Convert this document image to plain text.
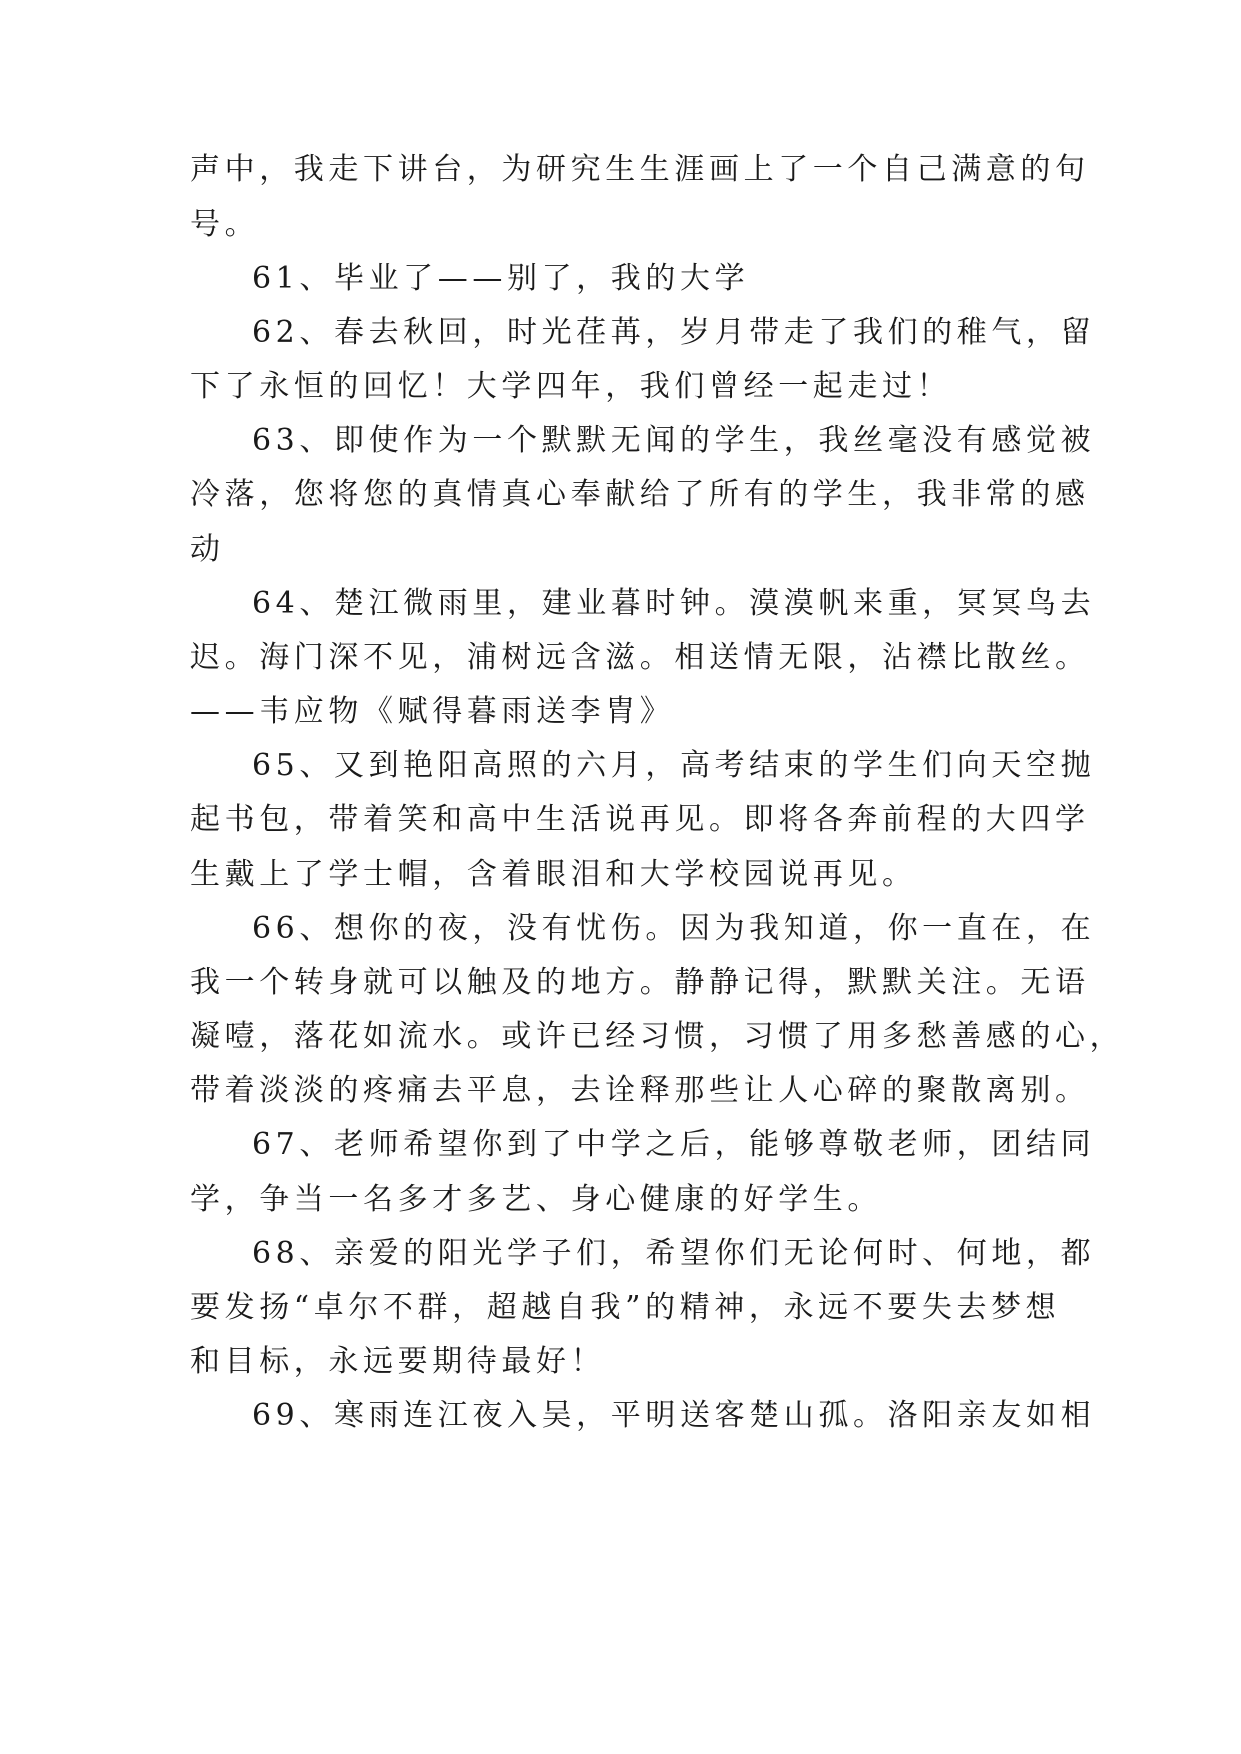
声中，我走下讲台，为研究生生涯画上了一个自己满意的句

号。

61、毕业了——别了，我的大学

62、春去秋回，时光荏苒，岁月带走了我们的稚气，留

下了永恒的回忆！大学四年，我们曾经一起走过！

63、即使作为一个默默无闻的学生，我丝毫没有感觉被

冷落，您将您的真情真心奉献给了所有的学生，我非常的感

动

64、楚江微雨里，建业暮时钟。漠漠帆来重，冥冥鸟去

迟。海门深不见，浦树远含滋。相送情无限，沾襟比散丝。

——韦应物《赋得暮雨送李胄》

65、又到艳阳高照的六月，高考结束的学生们向天空抛

起书包，带着笑和高中生活说再见。即将各奔前程的大四学

生戴上了学士帽，含着眼泪和大学校园说再见。

66、想你的夜，没有忧伤。因为我知道，你一直在，在

我一个转身就可以触及的地方。静静记得，默默关注。无语

凝噎，落花如流水。或许已经习惯，习惯了用多愁善感的心，

带着淡淡的疼痛去平息，去诠释那些让人心碎的聚散离别。

67、老师希望你到了中学之后，能够尊敬老师，团结同

学，争当一名多才多艺、身心健康的好学生。

68、亲爱的阳光学子们，希望你们无论何时、何地，都

要发扬“卓尔不群，超越自我”的精神，永远不要失去梦想

和目标，永远要期待最好！

69、寒雨连江夜入吴，平明送客楚山孤。洛阳亲友如相
